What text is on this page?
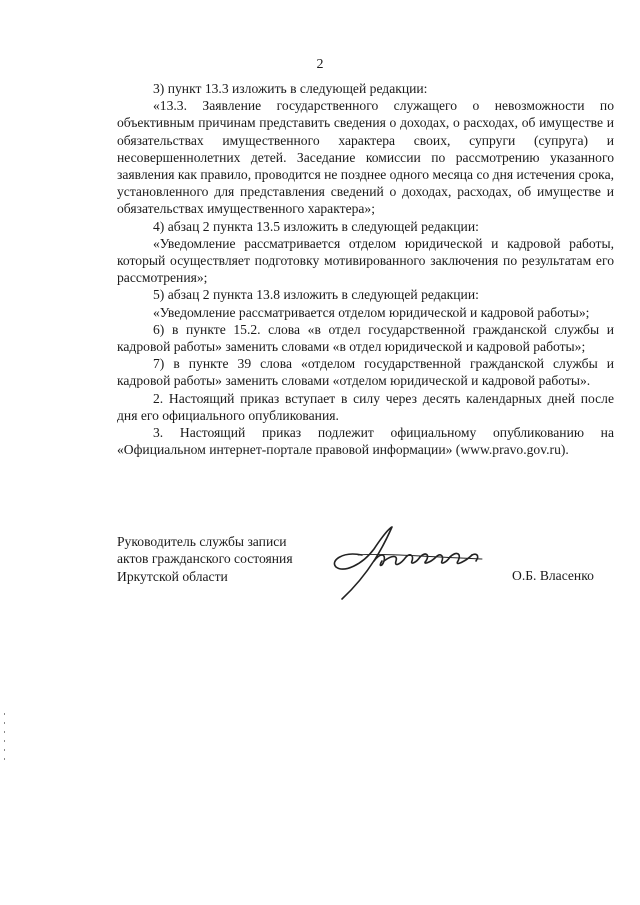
2

3) пункт 13.3 изложить в следующей редакции:

«13.3. Заявление государственного служащего о невозможности по объективным причинам представить сведения о доходах, о расходах, об имуществе и обязательствах имущественного характера своих, супруги (супруга) и несовершеннолетних детей. Заседание комиссии по рассмотрению указанного заявления как правило, проводится не позднее одного месяца со дня истечения срока, установленного для представления сведений о доходах, расходах, об имуществе и обязательствах имущественного характера»;

4) абзац 2 пункта 13.5 изложить в следующей редакции:

«Уведомление рассматривается отделом юридической и кадровой работы, который осуществляет подготовку мотивированного заключения по результатам его рассмотрения»;

5) абзац 2 пункта 13.8 изложить в следующей редакции:

«Уведомление рассматривается отделом юридической и кадровой работы»;

6) в пункте 15.2. слова «в отдел государственной гражданской службы и кадровой работы» заменить словами «в отдел юридической и кадровой работы»;

7) в пункте 39 слова «отделом государственной гражданской службы и кадровой работы» заменить словами «отделом юридической и кадровой работы».

2. Настоящий приказ вступает в силу через десять календарных дней после дня его официального опубликования.

3. Настоящий приказ подлежит официальному опубликованию на «Официальном интернет-портале правовой информации» (www.pravo.gov.ru).

Руководитель службы записи
актов гражданского состояния
Иркутской области	О.Б. Власенко
